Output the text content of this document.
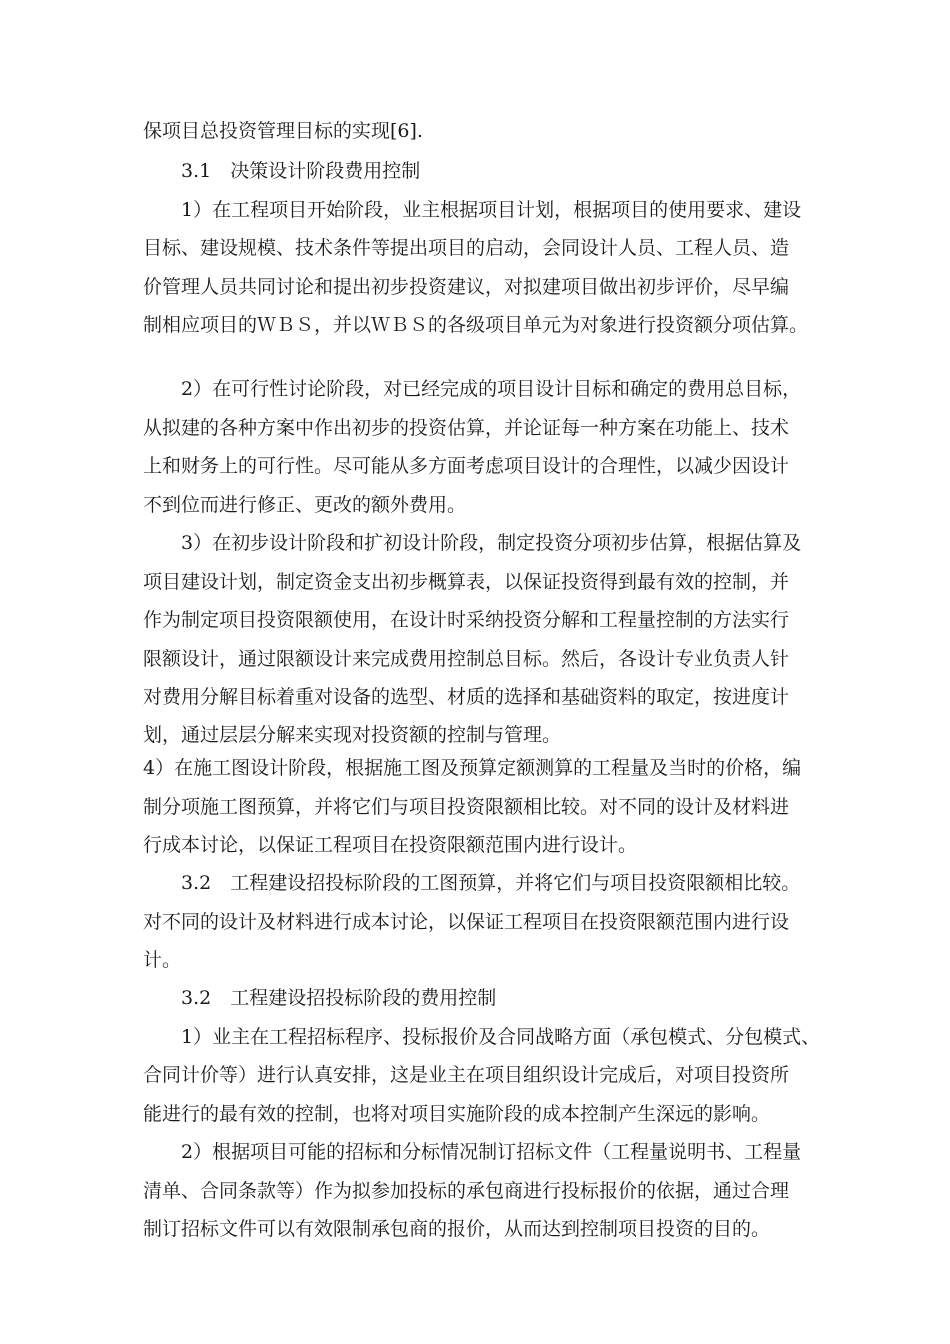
保项目总投资管理目标的实现[6].
3.1　决策设计阶段费用控制
1）在工程项目开始阶段，业主根据项目计划，根据项目的使用要求、建设
目标、建设规模、技术条件等提出项目的启动，会同设计人员、工程人员、造
价管理人员共同讨论和提出初步投资建议，对拟建项目做出初步评价，尽早编
制相应项目的ＷＢＳ，并以ＷＢＳ的各级项目单元为对象进行投资额分项估算。
2）在可行性讨论阶段，对已经完成的项目设计目标和确定的费用总目标，
从拟建的各种方案中作出初步的投资估算，并论证每一种方案在功能上、技术
上和财务上的可行性。尽可能从多方面考虑项目设计的合理性，以减少因设计
不到位而进行修正、更改的额外费用。
3）在初步设计阶段和扩初设计阶段，制定投资分项初步估算，根据估算及
项目建设计划，制定资金支出初步概算表，以保证投资得到最有效的控制，并
作为制定项目投资限额使用，在设计时采纳投资分解和工程量控制的方法实行
限额设计，通过限额设计来完成费用控制总目标。然后，各设计专业负责人针
对费用分解目标着重对设备的选型、材质的选择和基础资料的取定，按进度计
划，通过层层分解来实现对投资额的控制与管理。
4）在施工图设计阶段，根据施工图及预算定额测算的工程量及当时的价格，编
制分项施工图预算，并将它们与项目投资限额相比较。对不同的设计及材料进
行成本讨论，以保证工程项目在投资限额范围内进行设计。
3.2　工程建设招投标阶段的工图预算，并将它们与项目投资限额相比较。
对不同的设计及材料进行成本讨论，以保证工程项目在投资限额范围内进行设
计。
3.2　工程建设招投标阶段的费用控制
1）业主在工程招标程序、投标报价及合同战略方面（承包模式、分包模式、
合同计价等）进行认真安排，这是业主在项目组织设计完成后，对项目投资所
能进行的最有效的控制，也将对项目实施阶段的成本控制产生深远的影响。
2）根据项目可能的招标和分标情况制订招标文件（工程量说明书、工程量
清单、合同条款等）作为拟参加投标的承包商进行投标报价的依据，通过合理
制订招标文件可以有效限制承包商的报价，从而达到控制项目投资的目的。
